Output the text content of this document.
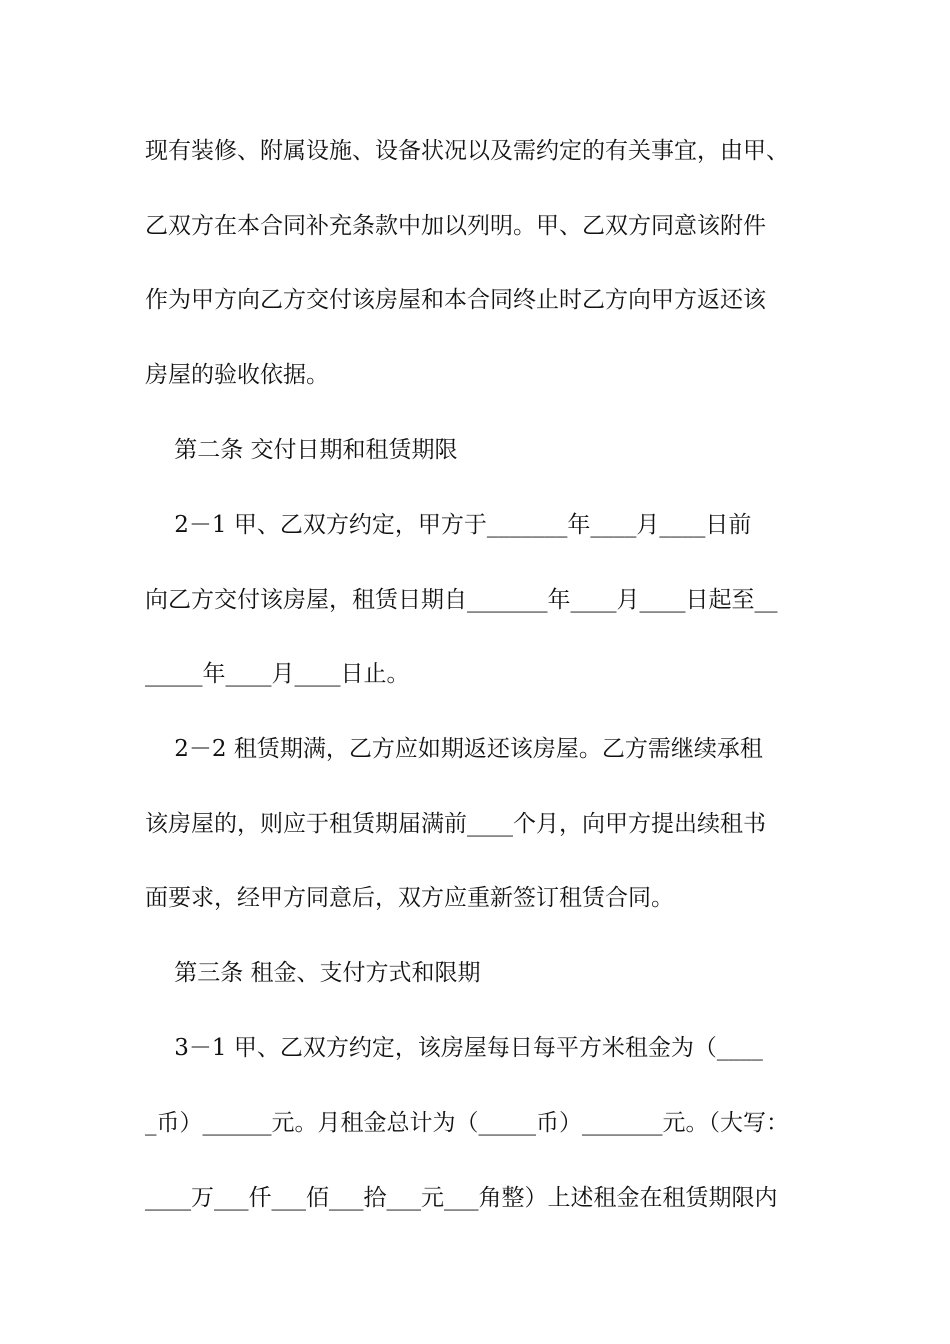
现有装修、附属设施、设备状况以及需约定的有关事宜，由甲、
乙双方在本合同补充条款中加以列明。甲、乙双方同意该附件
作为甲方向乙方交付该房屋和本合同终止时乙方向甲方返还该
房屋的验收依据。
第二条 交付日期和租赁期限
2－1 甲、乙双方约定，甲方于_______年____月____日前
向乙方交付该房屋，租赁日期自_______年____月____日起至__
_____年____月____日止。
2－2 租赁期满，乙方应如期返还该房屋。乙方需继续承租
该房屋的，则应于租赁期届满前____个月，向甲方提出续租书
面要求，经甲方同意后，双方应重新签订租赁合同。
第三条 租金、支付方式和限期
3－1 甲、乙双方约定，该房屋每日每平方米租金为（____
_币）______元。月租金总计为（_____币）_______元。（大写：
____万___仟___佰___拾___元___角整）上述租金在租赁期限内
